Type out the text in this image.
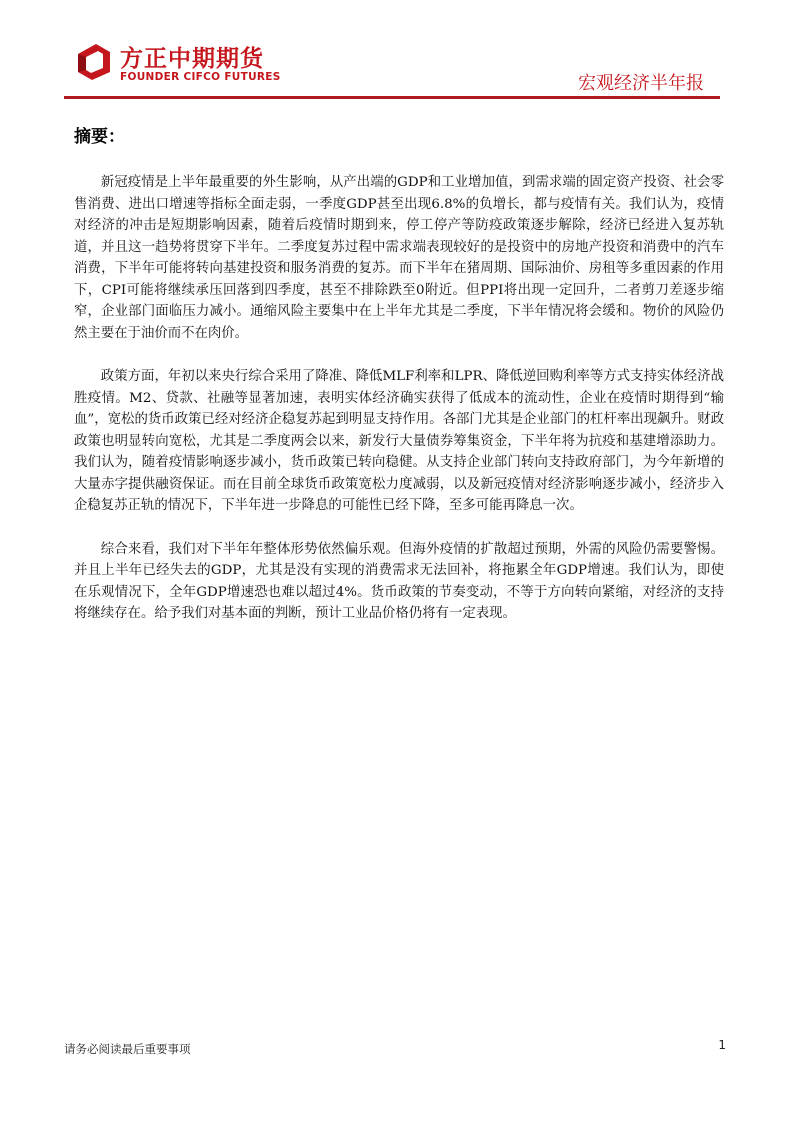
方正中期期货
FOUNDER CIFCO FUTURES	宏观经济半年报
摘要：

新冠疫情是上半年最重要的外生影响，从产出端的GDP和工业增加值，到需求端的固定资产投资、社会零售消费、进出口增速等指标全面走弱，一季度GDP甚至出现6.8%的负增长，都与疫情有关。我们认为，疫情对经济的冲击是短期影响因素，随着后疫情时期到来，停工停产等防疫政策逐步解除，经济已经进入复苏轨道，并且这一趋势将贯穿下半年。二季度复苏过程中需求端表现较好的是投资中的房地产投资和消费中的汽车消费，下半年可能将转向基建投资和服务消费的复苏。而下半年在猪周期、国际油价、房租等多重因素的作用下，CPI可能将继续承压回落到四季度，甚至不排除跌至0附近。但PPI将出现一定回升，二者剪刀差逐步缩窄，企业部门面临压力减小。通缩风险主要集中在上半年尤其是二季度，下半年情况将会缓和。物价的风险仍然主要在于油价而不在肉价。

政策方面，年初以来央行综合采用了降准、降低MLF利率和LPR、降低逆回购利率等方式支持实体经济战胜疫情。M2、贷款、社融等显著加速，表明实体经济确实获得了低成本的流动性，企业在疫情时期得到“输血”，宽松的货币政策已经对经济企稳复苏起到明显支持作用。各部门尤其是企业部门的杠杆率出现飙升。财政政策也明显转向宽松，尤其是二季度两会以来，新发行大量债券筹集资金，下半年将为抗疫和基建增添助力。我们认为，随着疫情影响逐步减小，货币政策已转向稳健。从支持企业部门转向支持政府部门，为今年新增的大量赤字提供融资保证。而在目前全球货币政策宽松力度减弱，以及新冠疫情对经济影响逐步减小，经济步入企稳复苏正轨的情况下，下半年进一步降息的可能性已经下降，至多可能再降息一次。

综合来看，我们对下半年年整体形势依然偏乐观。但海外疫情的扩散超过预期，外需的风险仍需要警惕。并且上半年已经失去的GDP，尤其是没有实现的消费需求无法回补，将拖累全年GDP增速。我们认为，即使在乐观情况下，全年GDP增速恐也难以超过4%。货币政策的节奏变动，不等于方向转向紧缩，对经济的支持将继续存在。给予我们对基本面的判断，预计工业品价格仍将有一定表现。

请务必阅读最后重要事项	1
